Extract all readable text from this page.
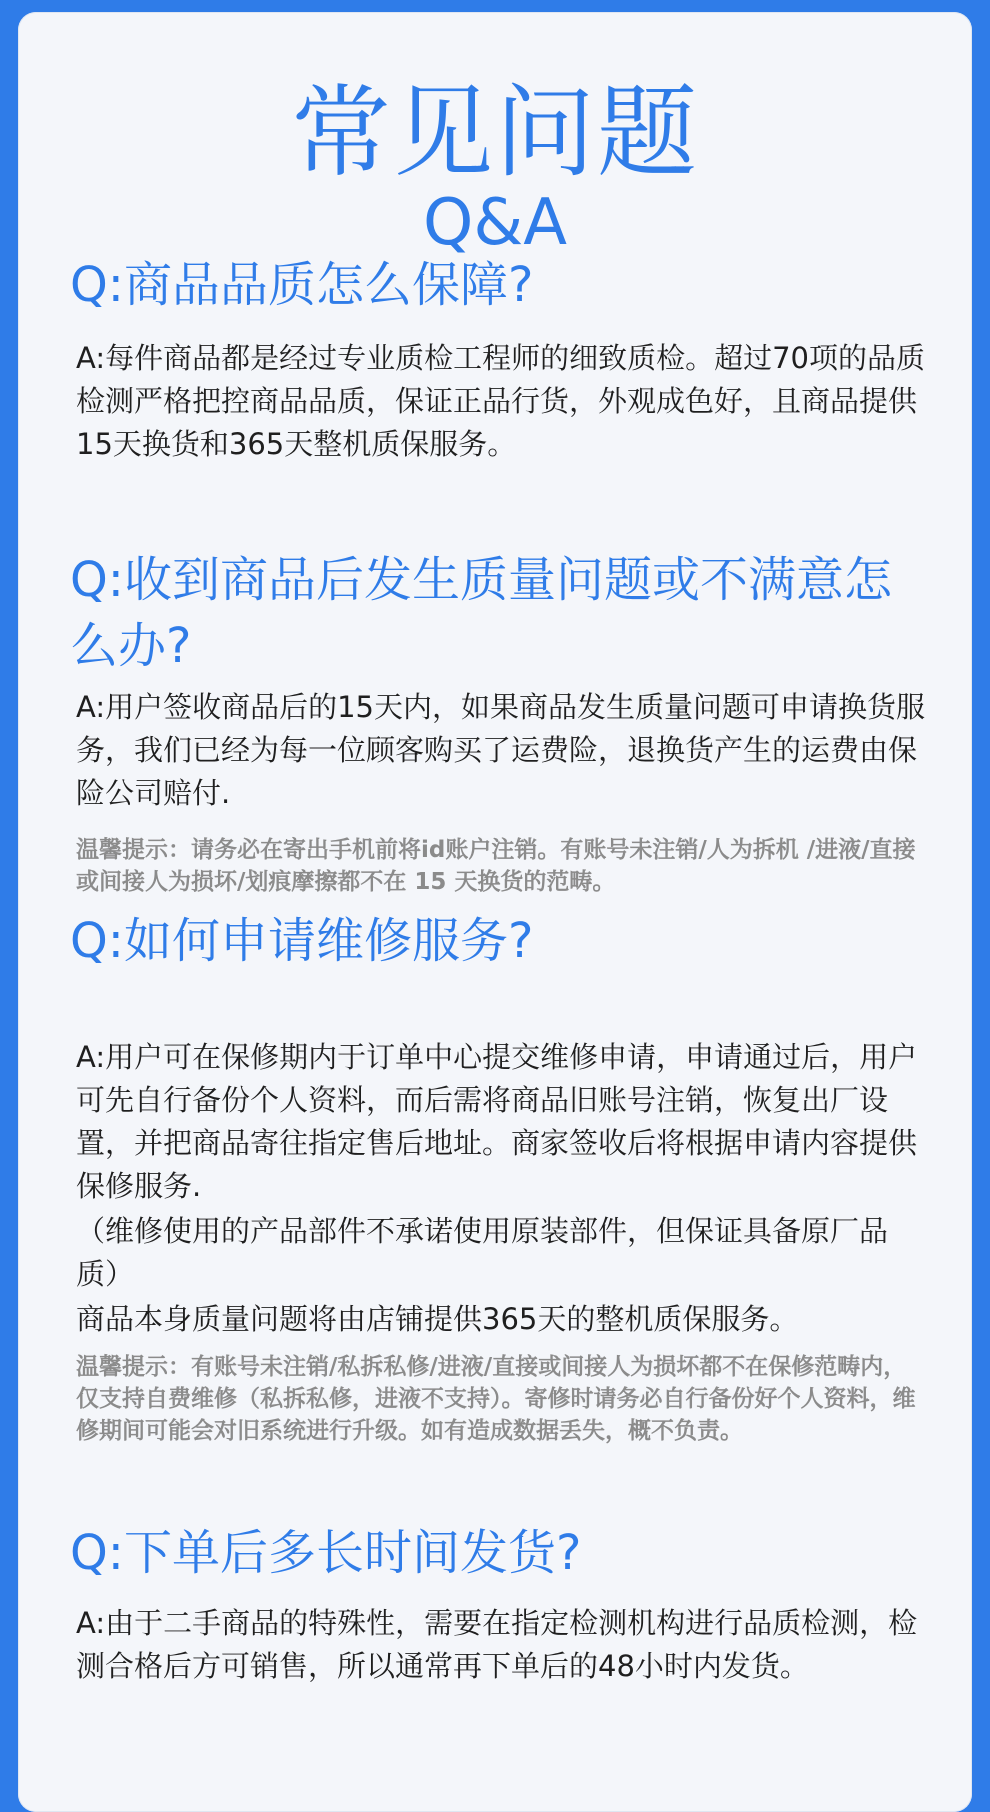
常见问题
Q&A
Q:商品品质怎么保障?
A:每件商品都是经过专业质检工程师的细致质检。超过70项的品质检测严格把控商品品质，保证正品行货，外观成色好，且商品提供15天换货和365天整机质保服务。
Q:收到商品后发生质量问题或不满意怎么办?
A:用户签收商品后的15天内，如果商品发生质量问题可申请换货服务，我们已经为每一位顾客购买了运费险，退换货产生的运费由保险公司赔付.
温馨提示：请务必在寄出手机前将id账户注销。有账号未注销/人为拆机 /进液/直接或间接人为损坏/划痕摩擦都不在 15 天换货的范畴。
Q:如何申请维修服务?
A:用户可在保修期内于订单中心提交维修申请，申请通过后，用户可先自行备份个人资料，而后需将商品旧账号注销，恢复出厂设置，并把商品寄往指定售后地址。商家签收后将根据申请内容提供保修服务.
（维修使用的产品部件不承诺使用原装部件，但保证具备原厂品质）
商品本身质量问题将由店铺提供365天的整机质保服务。
温馨提示：有账号未注销/私拆私修/进液/直接或间接人为损坏都不在保修范畴内，仅支持自费维修（私拆私修，进液不支持）。寄修时请务必自行备份好个人资料，维修期间可能会对旧系统进行升级。如有造成数据丢失，概不负责。
Q:下单后多长时间发货?
A:由于二手商品的特殊性，需要在指定检测机构进行品质检测，检测合格后方可销售，所以通常再下单后的48小时内发货。
